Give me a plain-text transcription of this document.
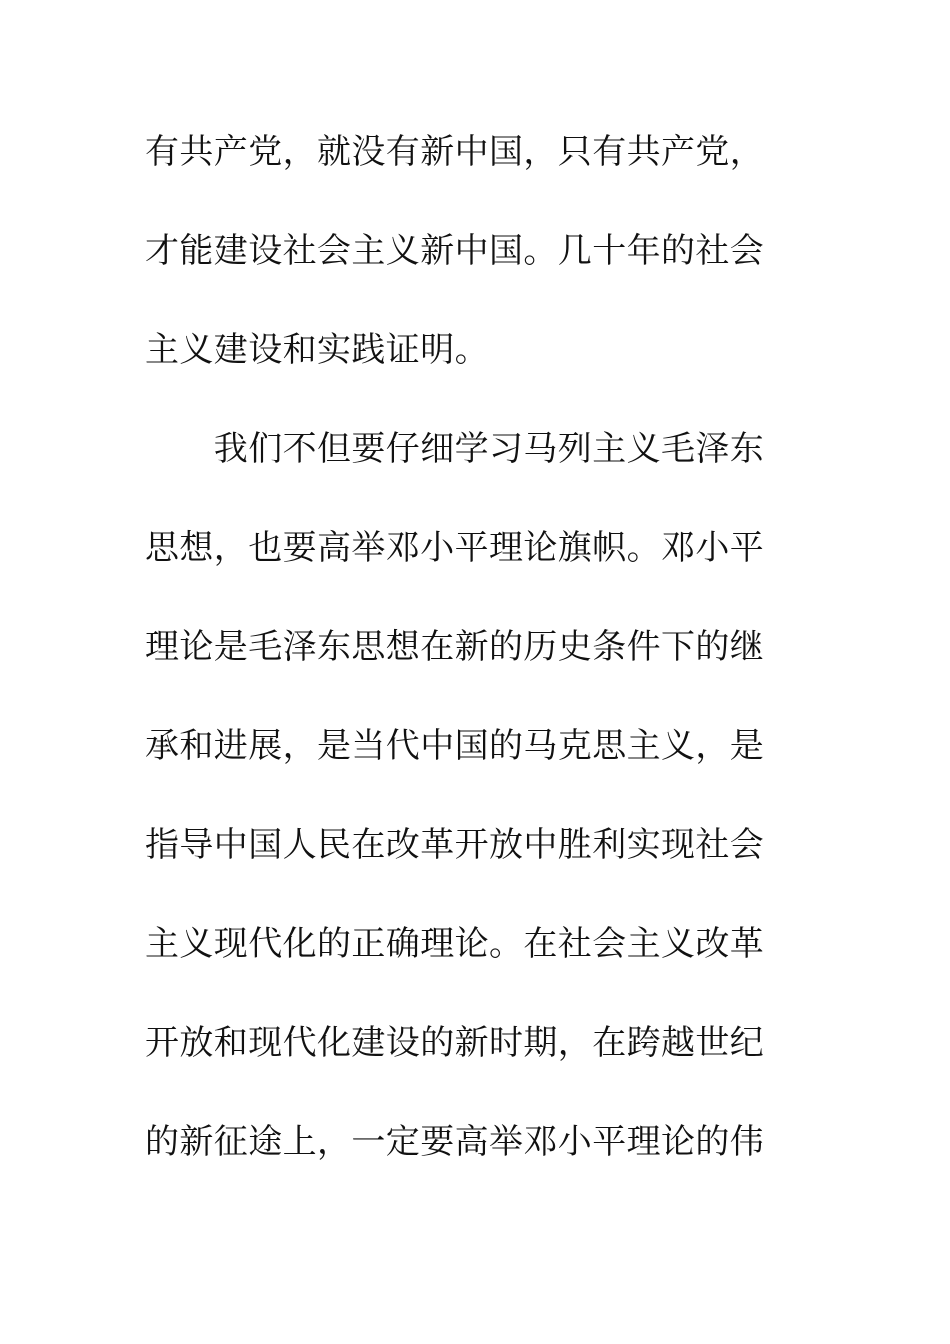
有共产党，就没有新中国，只有共产党，
才能建设社会主义新中国。几十年的社会
主义建设和实践证明。
　　我们不但要仔细学习马列主义毛泽东
思想，也要高举邓小平理论旗帜。邓小平
理论是毛泽东思想在新的历史条件下的继
承和进展，是当代中国的马克思主义，是
指导中国人民在改革开放中胜利实现社会
主义现代化的正确理论。在社会主义改革
开放和现代化建设的新时期，在跨越世纪
的新征途上，一定要高举邓小平理论的伟
